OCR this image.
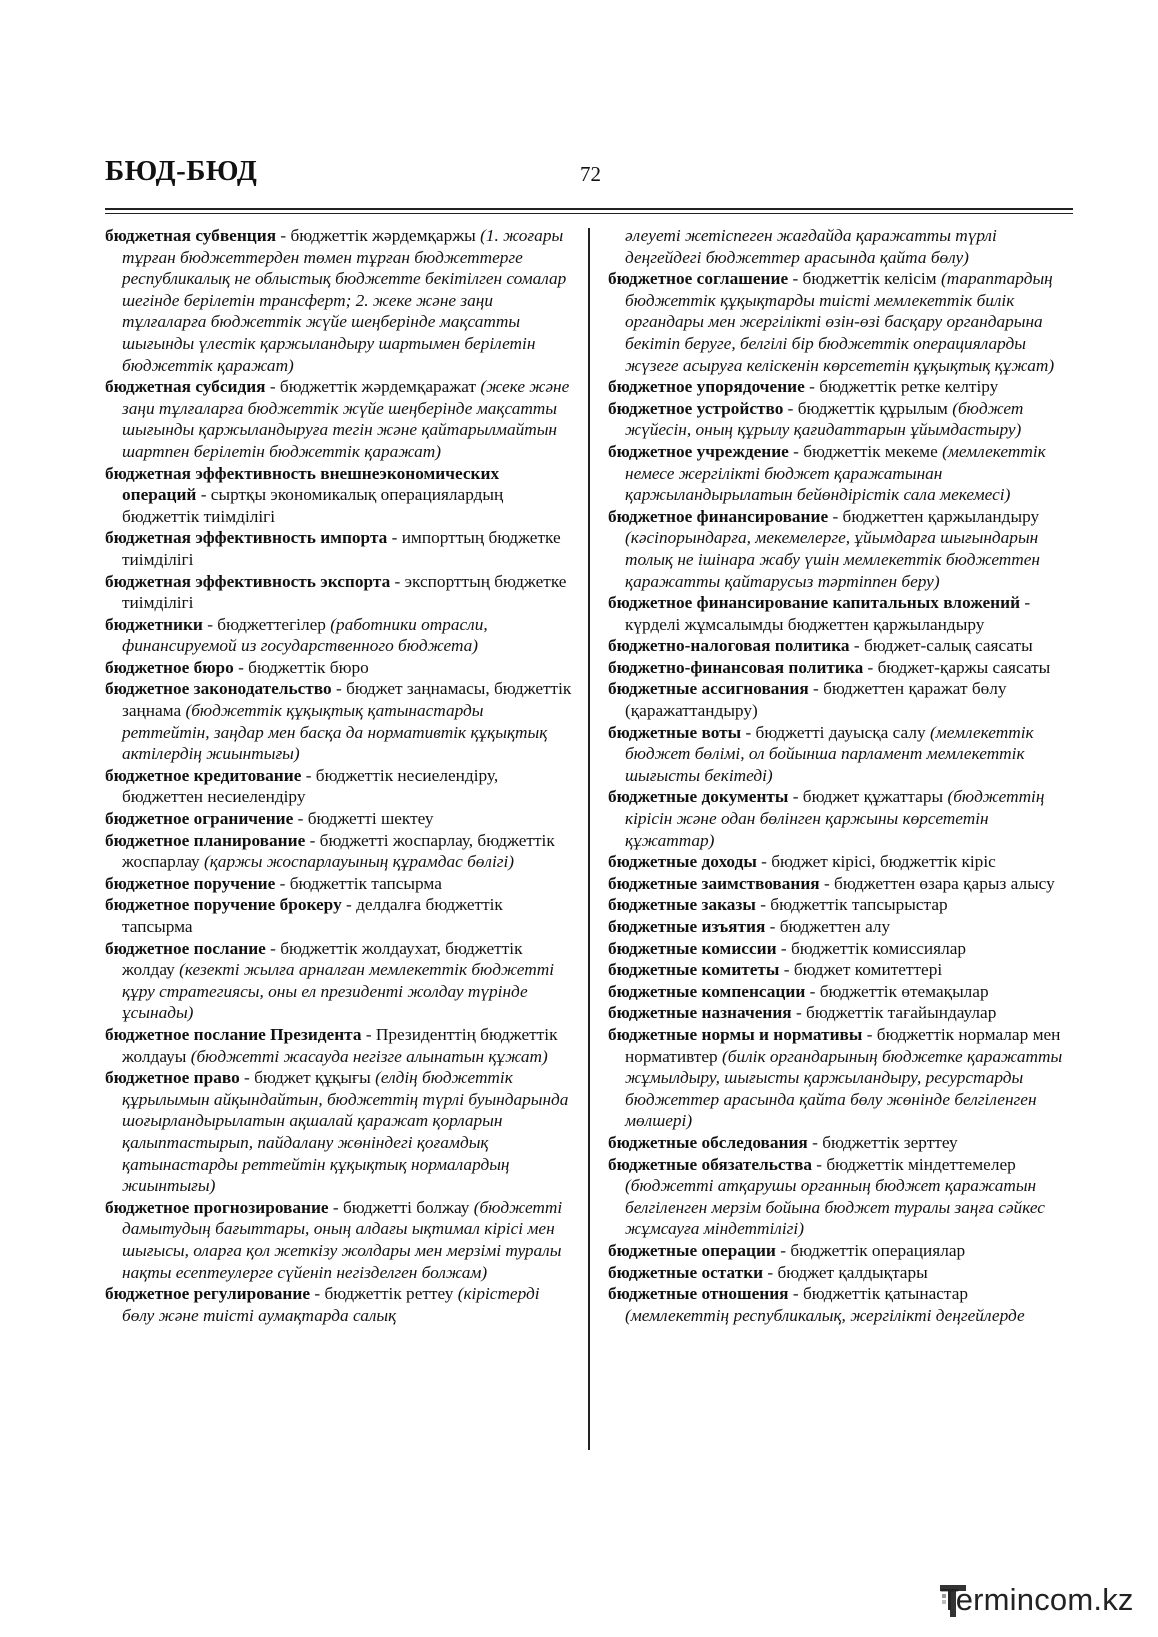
БЮД-БЮД	72

бюджетная субвенция - бюджеттік жәрдемқаржы (1. жоғары тұрған бюджеттерден төмен тұрған бюджеттерге республикалық не облыстық бюджетте бекітілген сомалар шегінде берілетін трансферт; 2. жеке және заңи тұлғаларға бюджеттік жүйе шеңберінде мақсатты шығынды үлестік қаржыландыру шартымен берілетін бюджеттік қаражат)

бюджетная субсидия - бюджеттік жәрдемқаражат (жеке және заңи тұлғаларға бюджеттік жүйе шеңберінде мақсатты шығынды қаржыландыруға тегін және қайтарылмайтын шартпен берілетін бюджеттік қаражат)

бюджетная эффективность внешнеэкономических операций - сыртқы экономикалық операциялардың бюджеттік тиімділігі

бюджетная эффективность импорта - импорттың бюджетке тиімділігі

бюджетная эффективность экспорта - экспорттың бюджетке тиімділігі

бюджетники - бюджеттегілер (работники отрасли, финансируемой из государственного бюджета)

бюджетное бюро - бюджеттік бюро

бюджетное законодательство - бюджет заңнамасы, бюджеттік заңнама (бюджеттік құқықтық қатынастарды реттейтін, заңдар мен басқа да нормативтік құқықтық актілердің жиынтығы)

бюджетное кредитование - бюджеттік несиелендіру, бюджеттен несиелендіру

бюджетное ограничение - бюджетті шектеу

бюджетное планирование - бюджетті жоспарлау, бюджеттік жоспарлау (қаржы жоспарлауының құрамдас бөлігі)

бюджетное поручение - бюджеттік тапсырма

бюджетное поручение брокеру - делдалға бюджеттік тапсырма

бюджетное послание - бюджеттік жолдаухат, бюджеттік жолдау (кезекті жылға арналған мемлекеттік бюджетті құру стратегиясы, оны ел президенті жолдау түрінде ұсынады)

бюджетное послание Президента - Президенттің бюджеттік жолдауы (бюджетті жасауда негізге алынатын құжат)

бюджетное право - бюджет құқығы (елдің бюджеттік құрылымын айқындайтын, бюджеттің түрлі буындарында шоғырландырылатын ақшалай қаражат қорларын қалыптастырып, пайдалану жөніндегі қоғамдық қатынастарды реттейтін құқықтық нормалардың жиынтығы)

бюджетное прогнозирование - бюджетті болжау (бюджетті дамытудың бағыттары, оның алдағы ықтимал кірісі мен шығысы, оларға қол жеткізу жолдары мен мерзімі туралы нақты есептеулерге сүйеніп негізделген болжам)

бюджетное регулирование - бюджеттік реттеу (кірістерді бөлу және тиісті аумақтарда салық

әлеуеті жетіспеген жағдайда қаражатты түрлі деңгейдегі бюджеттер арасында қайта бөлу)

бюджетное соглашение - бюджеттік келісім (тараптардың бюджеттік құқықтарды тиісті мемлекеттік билік органдары мен жергілікті өзін-өзі басқару органдарына бекітіп беруге, белгілі бір бюджеттік операцияларды жүзеге асыруға келіскенін көрсететін құқықтық құжат)

бюджетное упорядочение - бюджеттік ретке келтіру

бюджетное устройство - бюджеттік құрылым (бюджет жүйесін, оның құрылу қағидаттарын ұйымдастыру)

бюджетное учреждение - бюджеттік мекеме (мемлекеттік немесе жергілікті бюджет қаражатынан қаржыландырылатын бейөндірістік сала мекемесі)

бюджетное финансирование - бюджеттен қаржыландыру (кәсіпорындарға, мекемелерге, ұйымдарға шығындарын толық не ішінара жабу үшін мемлекеттік бюджеттен қаражатты қайтарусыз тәртіппен беру)

бюджетное финансирование капитальных вложений - күрделі жұмсалымды бюджеттен қаржыландыру

бюджетно-налоговая политика - бюджет-салық саясаты

бюджетно-финансовая политика - бюджет-қаржы саясаты

бюджетные ассигнования - бюджеттен қаражат бөлу (қаражаттандыру)

бюджетные воты - бюджетті дауысқа салу (мемлекеттік бюджет бөлімі, ол бойынша парламент мемлекеттік шығысты бекітеді)

бюджетные документы - бюджет құжаттары (бюджеттің кірісін және одан бөлінген қаржыны көрсететін құжаттар)

бюджетные доходы - бюджет кірісі, бюджеттік кіріс

бюджетные заимствования - бюджеттен өзара қарыз алысу

бюджетные заказы - бюджеттік тапсырыстар

бюджетные изъятия - бюджеттен алу

бюджетные комиссии - бюджеттік комиссиялар

бюджетные комитеты - бюджет комитеттері

бюджетные компенсации - бюджеттік өтемақылар

бюджетные назначения - бюджеттік тағайындаулар

бюджетные нормы и нормативы - бюджеттік нормалар мен нормативтер (билік органдарының бюджетке қаражатты жұмылдыру, шығысты қаржыландыру, ресурстарды бюджеттер арасында қайта бөлу жөнінде белгіленген мөлшері)

бюджетные обследования - бюджеттік зерттеу

бюджетные обязательства - бюджеттік міндеттемелер (бюджетті атқарушы органның бюджет қаражатын белгіленген мерзім бойына бюджет туралы заңға сәйкес жұмсауға міндеттілігі)

бюджетные операции - бюджеттік операциялар

бюджетные остатки - бюджет қалдықтары

бюджетные отношения - бюджеттік қатынастар (мемлекеттің республикалық, жергілікті деңгейлерде

Termincom.kz
